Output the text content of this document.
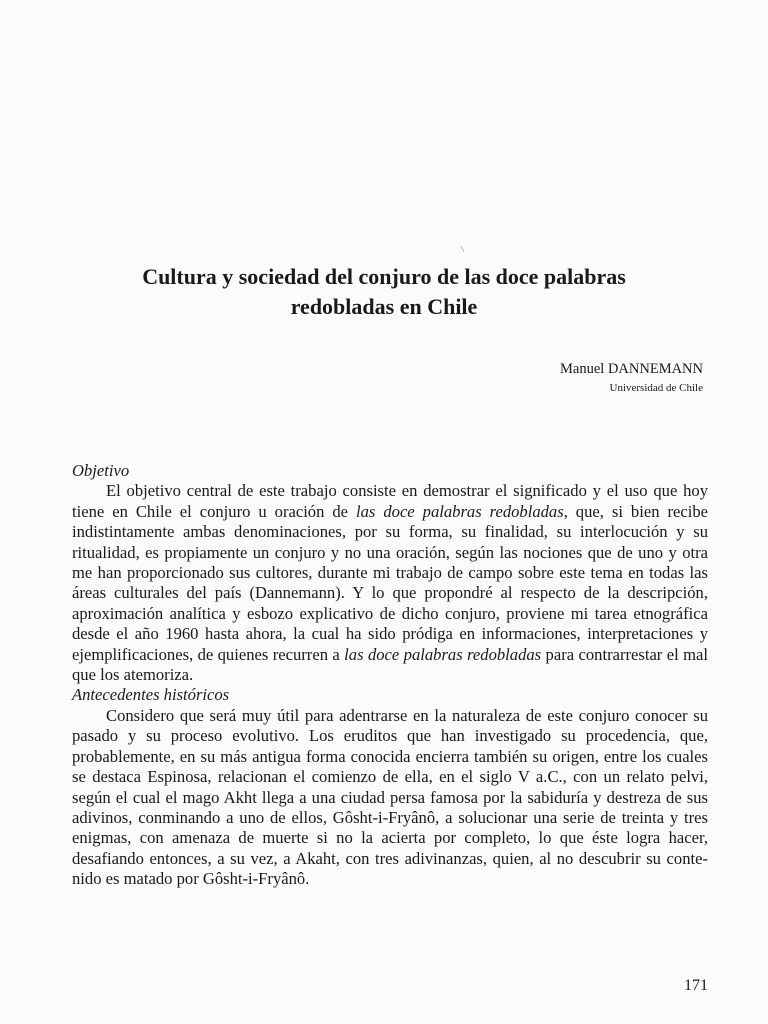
Cultura y sociedad del conjuro de las doce palabras
redobladas en Chile
Manuel DANNEMANN
Universidad de Chile

Objetivo

El objetivo central de este trabajo consiste en demostrar el significado y el uso que hoy tiene en Chile el conjuro u oración de las doce palabras redobladas, que, si bien recibe indistintamente ambas denominaciones, por su forma, su finalidad, su interlocución y su ritualidad, es propiamente un conjuro y no una oración, según las nociones que de uno y otra me han proporcionado sus cultores, durante mi trabajo de campo sobre este tema en todas las áreas culturales del país (Dannemann). Y lo que propondré al respecto de la descripción, aproximación analítica y esbozo explicativo de dicho conjuro, proviene mi tarea etnográfica desde el año 1960 hasta ahora, la cual ha sido pródiga en informaciones, interpretaciones y ejemplificaciones, de quienes recurren a las doce palabras redobladas para contrarrestar el mal que los atemoriza.

Antecedentes históricos

Considero que será muy útil para adentrarse en la naturaleza de este conjuro conocer su pasado y su proceso evolutivo. Los eruditos que han investigado su procedencia, que, probablemente, en su más antigua forma conocida encierra también su origen, entre los cuales se destaca Espinosa, relacionan el comienzo de ella, en el siglo V a.C., con un relato pelvi, según el cual el mago Akht llega a una ciudad persa famosa por la sabiduría y destreza de sus adivinos, conminando a uno de ellos, Gôsht-i-Fryânô, a solucionar una serie de treinta y tres enigmas, con amenaza de muerte si no la acierta por completo, lo que éste logra hacer, desafiando entonces, a su vez, a Akaht, con tres adivinanzas, quien, al no descubrir su contenido es matado por Gôsht-i-Fryânô.

171
